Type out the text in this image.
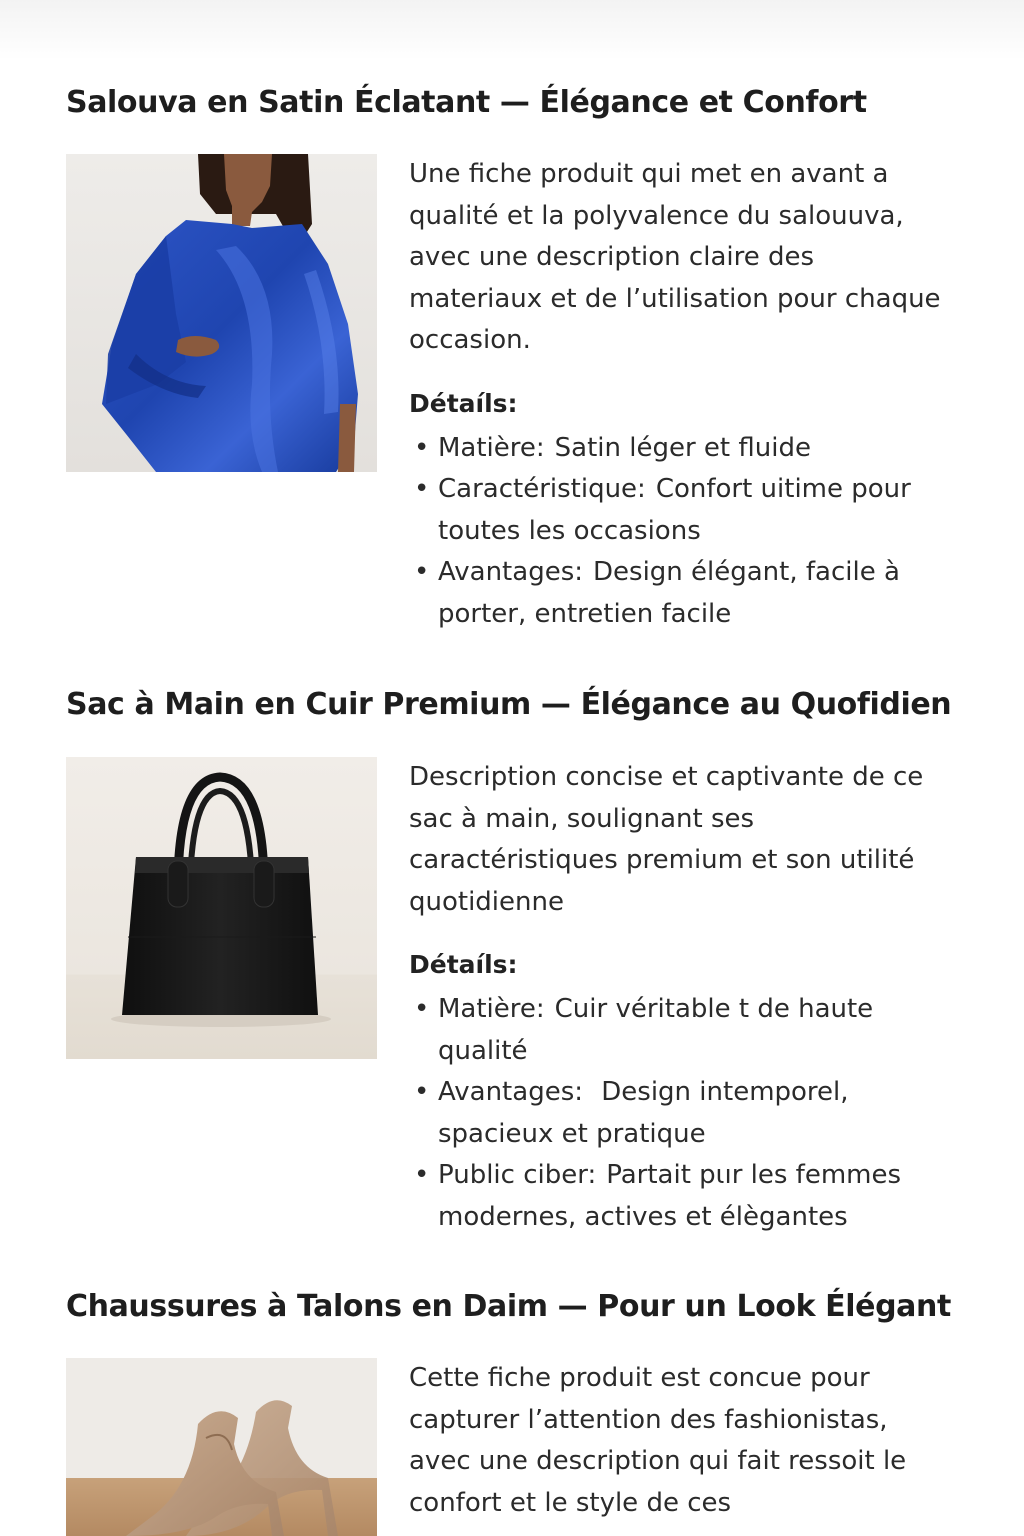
Salouva en Satin Éclatant — Élégance et Confort

Une fiche produit qui met en avant a qualité et la polyvalence du salouuva, avec une description claire des materiaux et de l’utilisation pour chaque occasion.

Détaíls:
• Matière: Satin léger et fluide
• Caractéristique: Confort uitime pour toutes les occasions
• Avantages: Design élégant, facile à porter, entretien facile
Sac à Main en Cuir Premium — Élégance au Quofidien

Description concise et captivante de ce sac à main, soulignant ses caractéristiques premium et son utilité quotidienne

Détaíls:
• Matière: Cuir véritable t de haute qualité
• Avantages: Design intemporel, spacieux et pratique
• Public ciber: Partait pιır les femmes modernes, actives et élègantes
Chaussures à Talons en Daim — Pour un Look Élégant

Cette fiche produit est concue pour capturer l’attention des fashionistas, avec une description qui fait ressoit le confort et le style de ces
